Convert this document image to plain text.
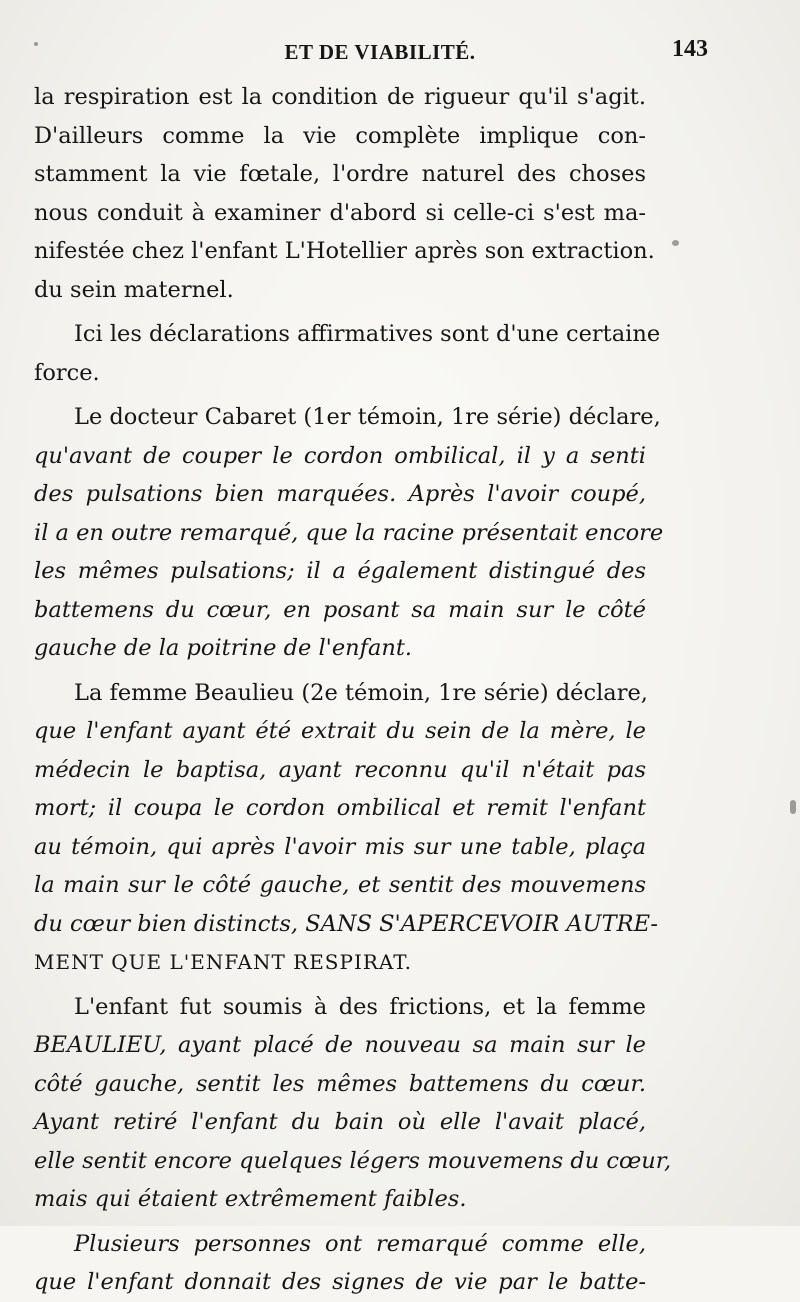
ET DE VIABILITÉ.	143
la respiration est la condition de rigueur qu'il s'agit.
D'ailleurs comme la vie complète implique con-
stamment la vie fœtale, l'ordre naturel des choses
nous conduit à examiner d'abord si celle-ci s'est ma-
nifestée chez l'enfant L'Hotellier après son extraction.
du sein maternel.
Ici les déclarations affirmatives sont d'une certaine
force.
Le docteur Cabaret (1er témoin, 1re série) déclare,
qu'avant de couper le cordon ombilical, il y a senti
des pulsations bien marquées. Après l'avoir coupé,
il a en outre remarqué, que la racine présentait encore
les mêmes pulsations; il a également distingué des
battemens du cœur, en posant sa main sur le côté
gauche de la poitrine de l'enfant.
La femme Beaulieu (2e témoin, 1re série) déclare,
que l'enfant ayant été extrait du sein de la mère, le
médecin le baptisa, ayant reconnu qu'il n'était pas
mort; il coupa le cordon ombilical et remit l'enfant
au témoin, qui après l'avoir mis sur une table, plaça
la main sur le côté gauche, et sentit des mouvemens
du cœur bien distincts, SANS S'APERCEVOIR AUTRE-
MENT QUE L'ENFANT RESPIRAT.
L'enfant fut soumis à des frictions, et la femme
BEAULIEU, ayant placé de nouveau sa main sur le
côté gauche, sentit les mêmes battemens du cœur.
Ayant retiré l'enfant du bain où elle l'avait placé,
elle sentit encore quelques légers mouvemens du cœur,
mais qui étaient extrêmement faibles.
Plusieurs personnes ont remarqué comme elle,
que l'enfant donnait des signes de vie par le batte-
